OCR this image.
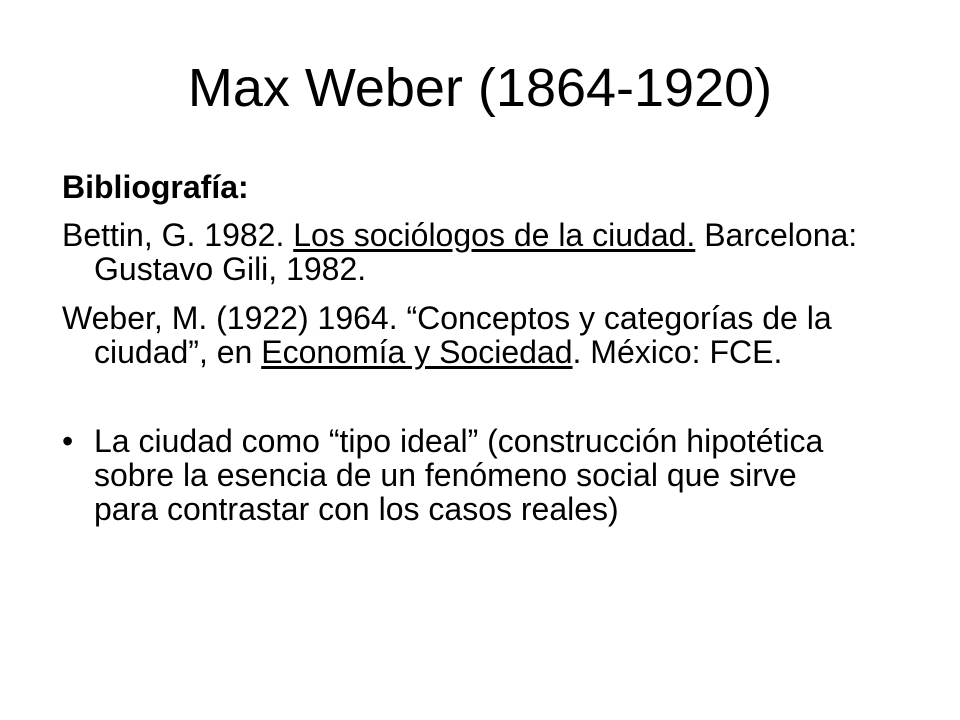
Max Weber (1864-1920)

Bibliografía:

Bettin, G. 1982. Los sociólogos de la ciudad. Barcelona: Gustavo Gili, 1982.

Weber, M. (1922) 1964. “Conceptos y categorías de la ciudad”, en Economía y Sociedad. México: FCE.

• La ciudad como “tipo ideal” (construcción hipotética sobre la esencia de un fenómeno social que sirve para contrastar con los casos reales)
